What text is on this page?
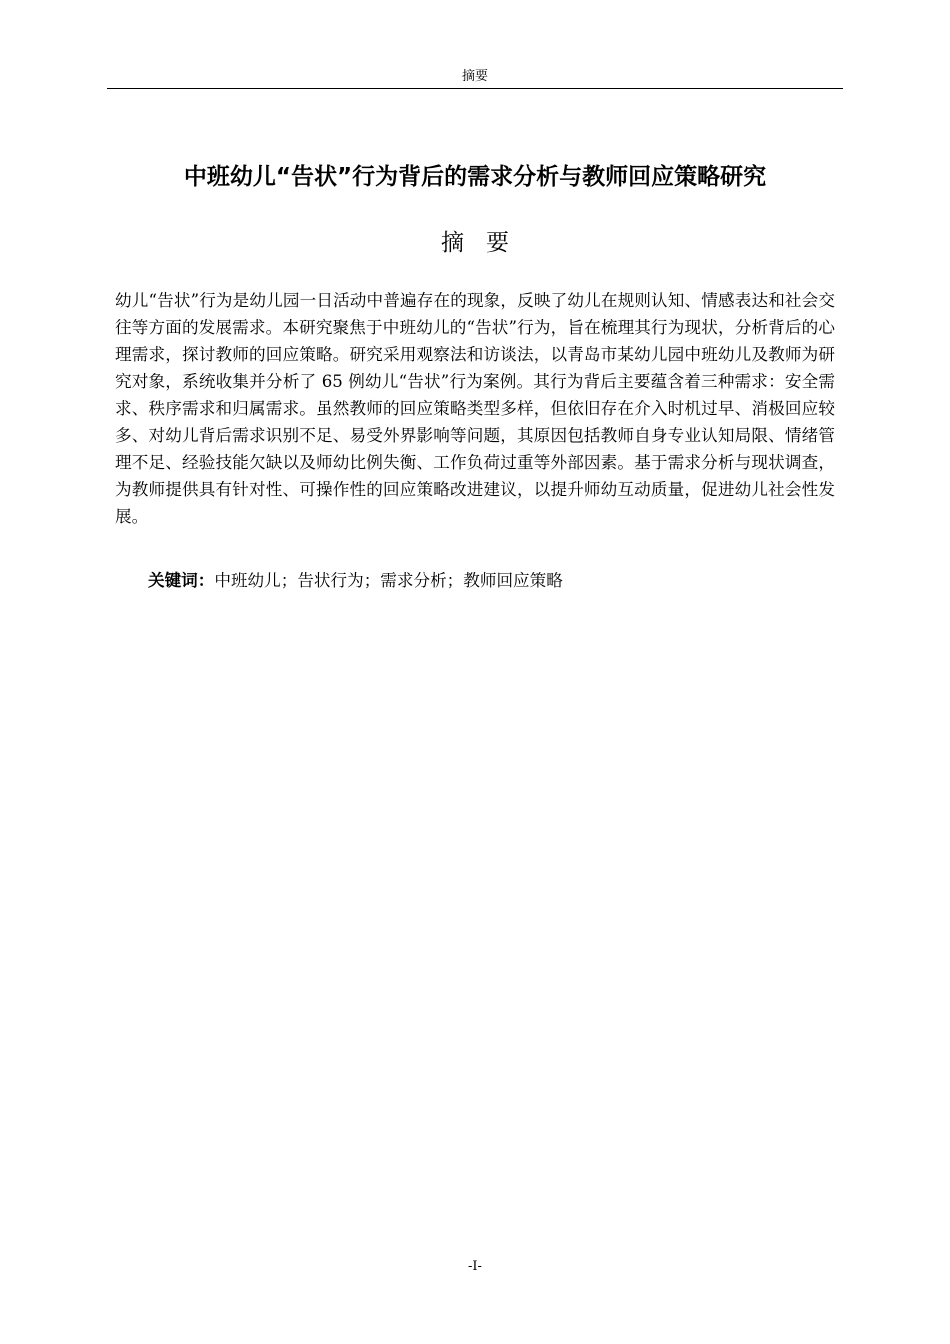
摘要
中班幼儿“告状”行为背后的需求分析与教师回应策略研究
摘要

幼儿“告状”行为是幼儿园一日活动中普遍存在的现象，反映了幼儿在规则认知、情感表达和社会交往等方面的发展需求。本研究聚焦于中班幼儿的“告状”行为，旨在梳理其行为现状，分析背后的心理需求，探讨教师的回应策略。研究采用观察法和访谈法，以青岛市某幼儿园中班幼儿及教师为研究对象，系统收集并分析了 65 例幼儿“告状”行为案例。其行为背后主要蕴含着三种需求：安全需求、秩序需求和归属需求。虽然教师的回应策略类型多样，但依旧存在介入时机过早、消极回应较多、对幼儿背后需求识别不足、易受外界影响等问题，其原因包括教师自身专业认知局限、情绪管理不足、经验技能欠缺以及师幼比例失衡、工作负荷过重等外部因素。基于需求分析与现状调查，为教师提供具有针对性、可操作性的回应策略改进建议，以提升师幼互动质量，促进幼儿社会性发展。

关键词：中班幼儿；告状行为；需求分析；教师回应策略
-I-
